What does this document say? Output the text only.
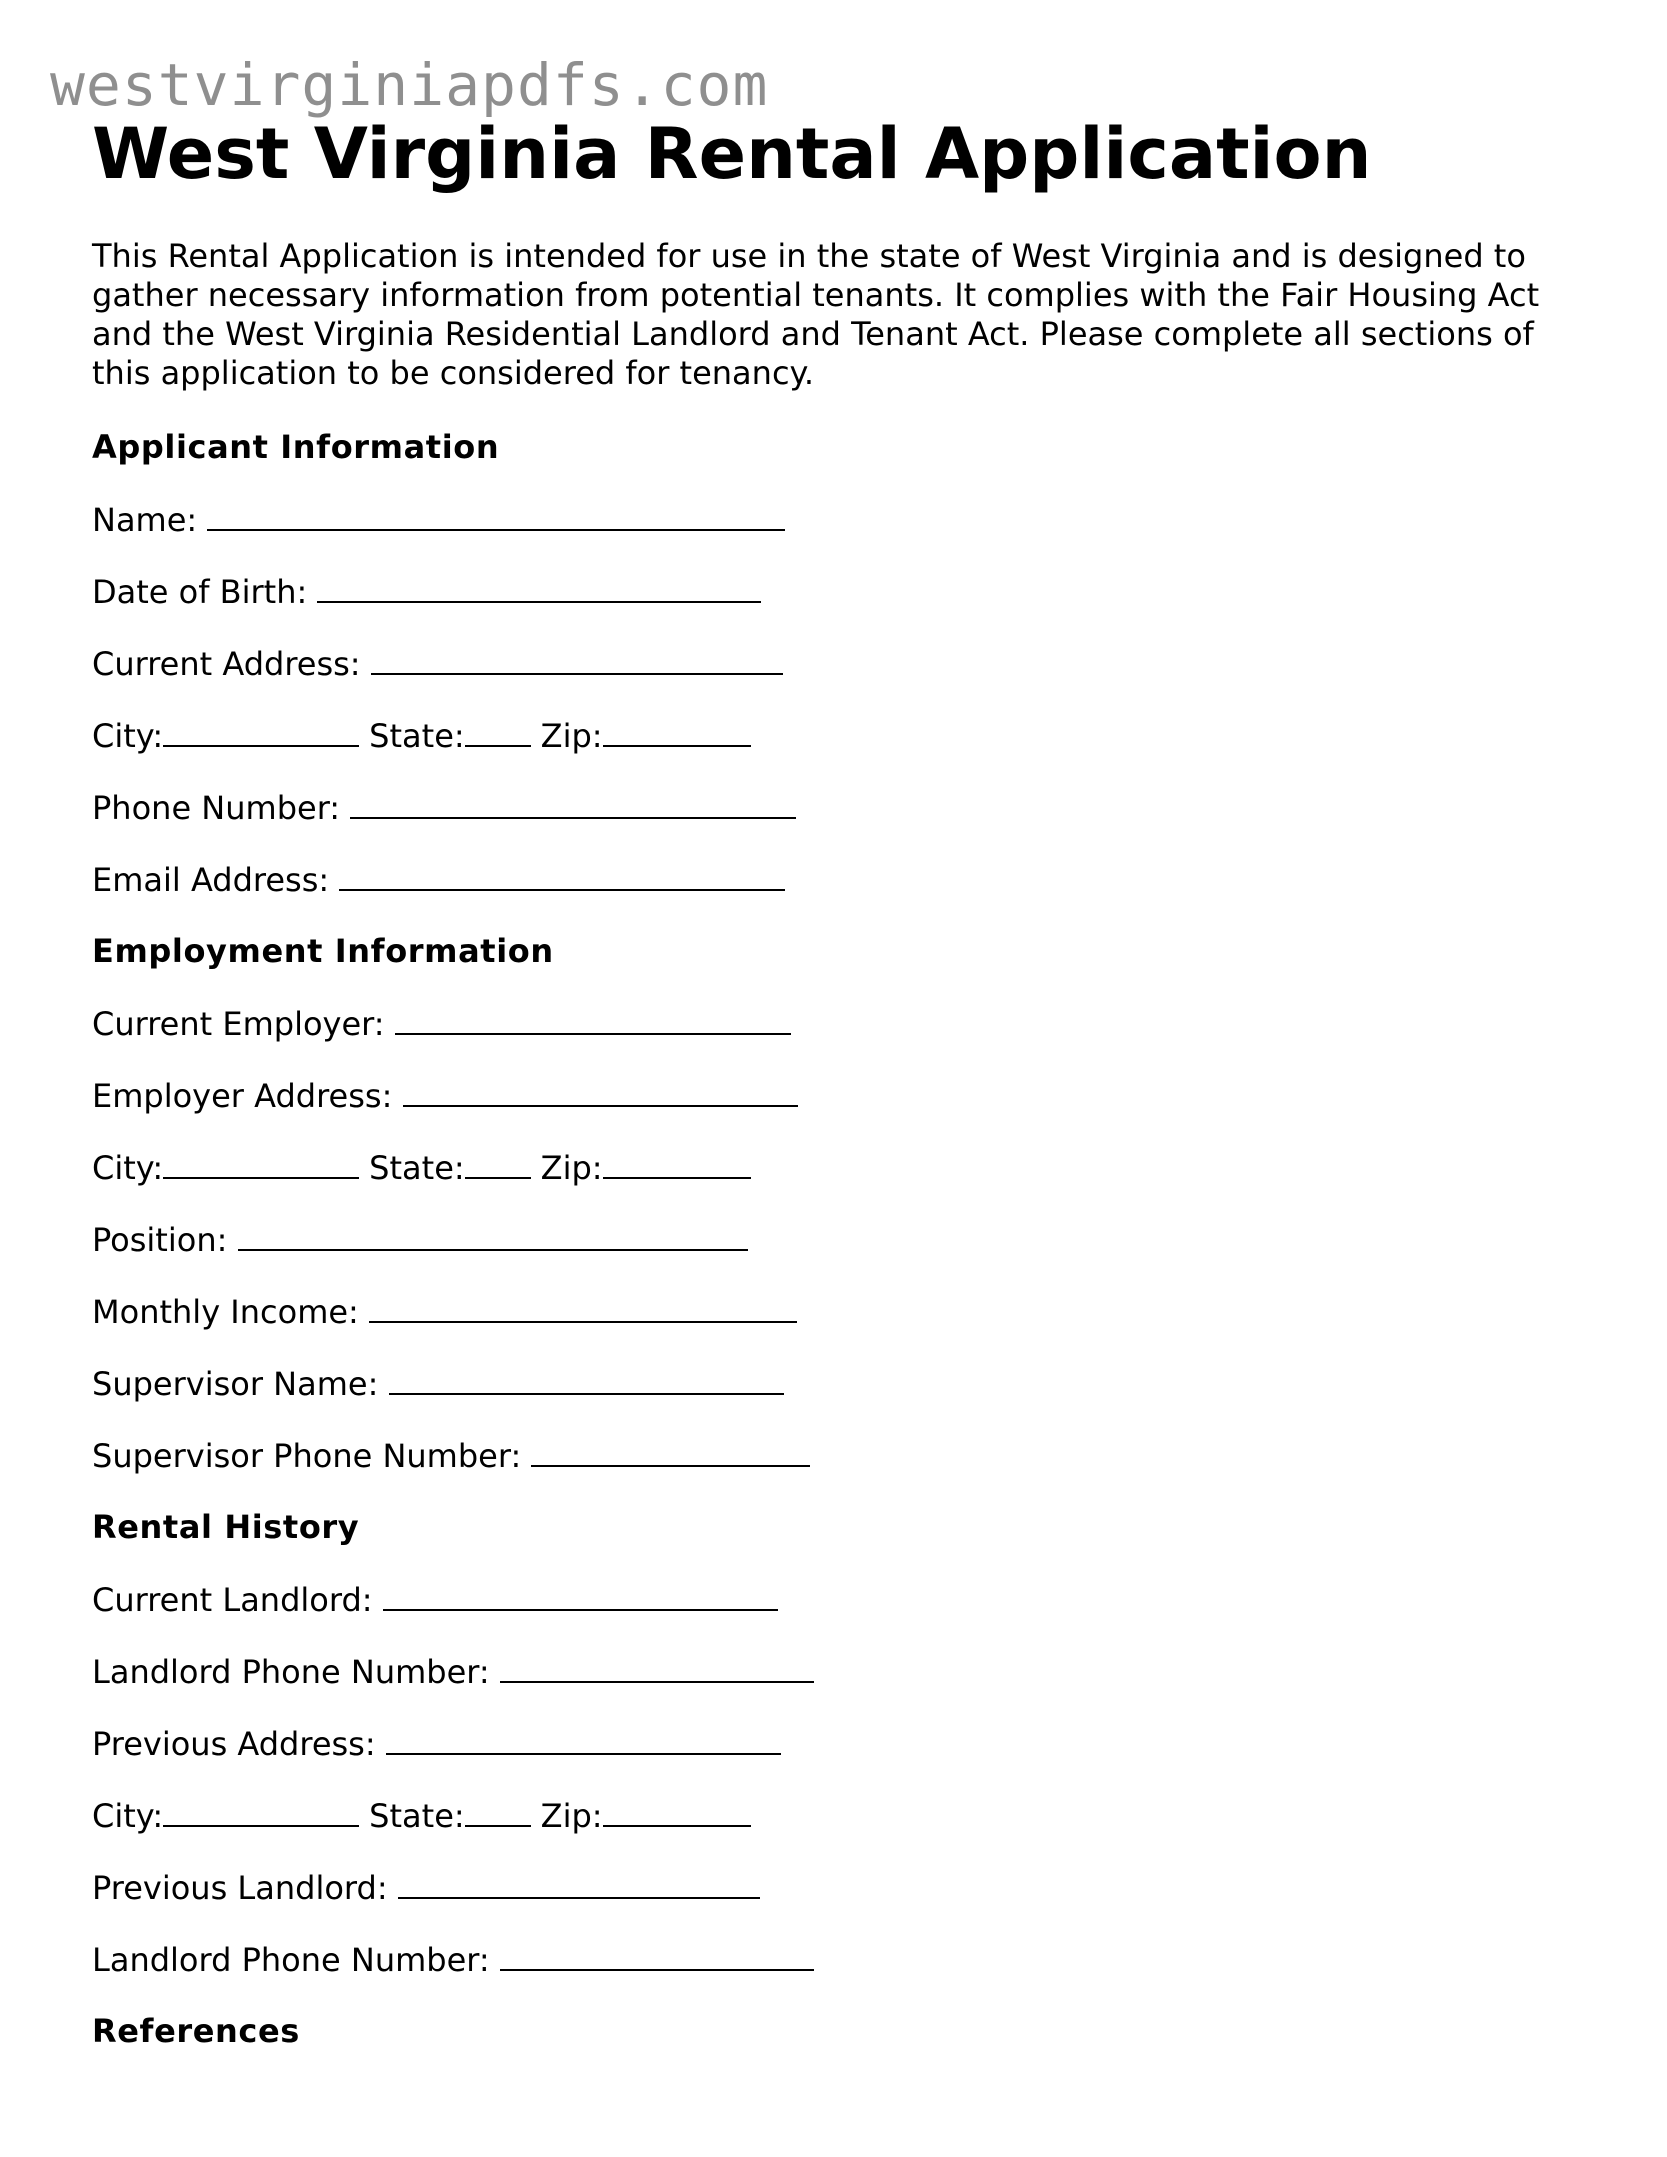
westvirginiapdfs.com
West Virginia Rental Application
This Rental Application is intended for use in the state of West Virginia and is designed to
gather necessary information from potential tenants. It complies with the Fair Housing Act
and the West Virginia Residential Landlord and Tenant Act. Please complete all sections of
this application to be considered for tenancy.
Applicant Information
Name:
Date of Birth:
Current Address:
City:	State: Zip:
Phone Number:
Email Address:
Employment Information
Current Employer:
Employer Address:
City:	State: Zip:
Position:
Monthly Income:
Supervisor Name:
Supervisor Phone Number:
Rental History
Current Landlord:
Landlord Phone Number:
Previous Address:
City:	State: Zip:
Previous Landlord:
Landlord Phone Number:
References
